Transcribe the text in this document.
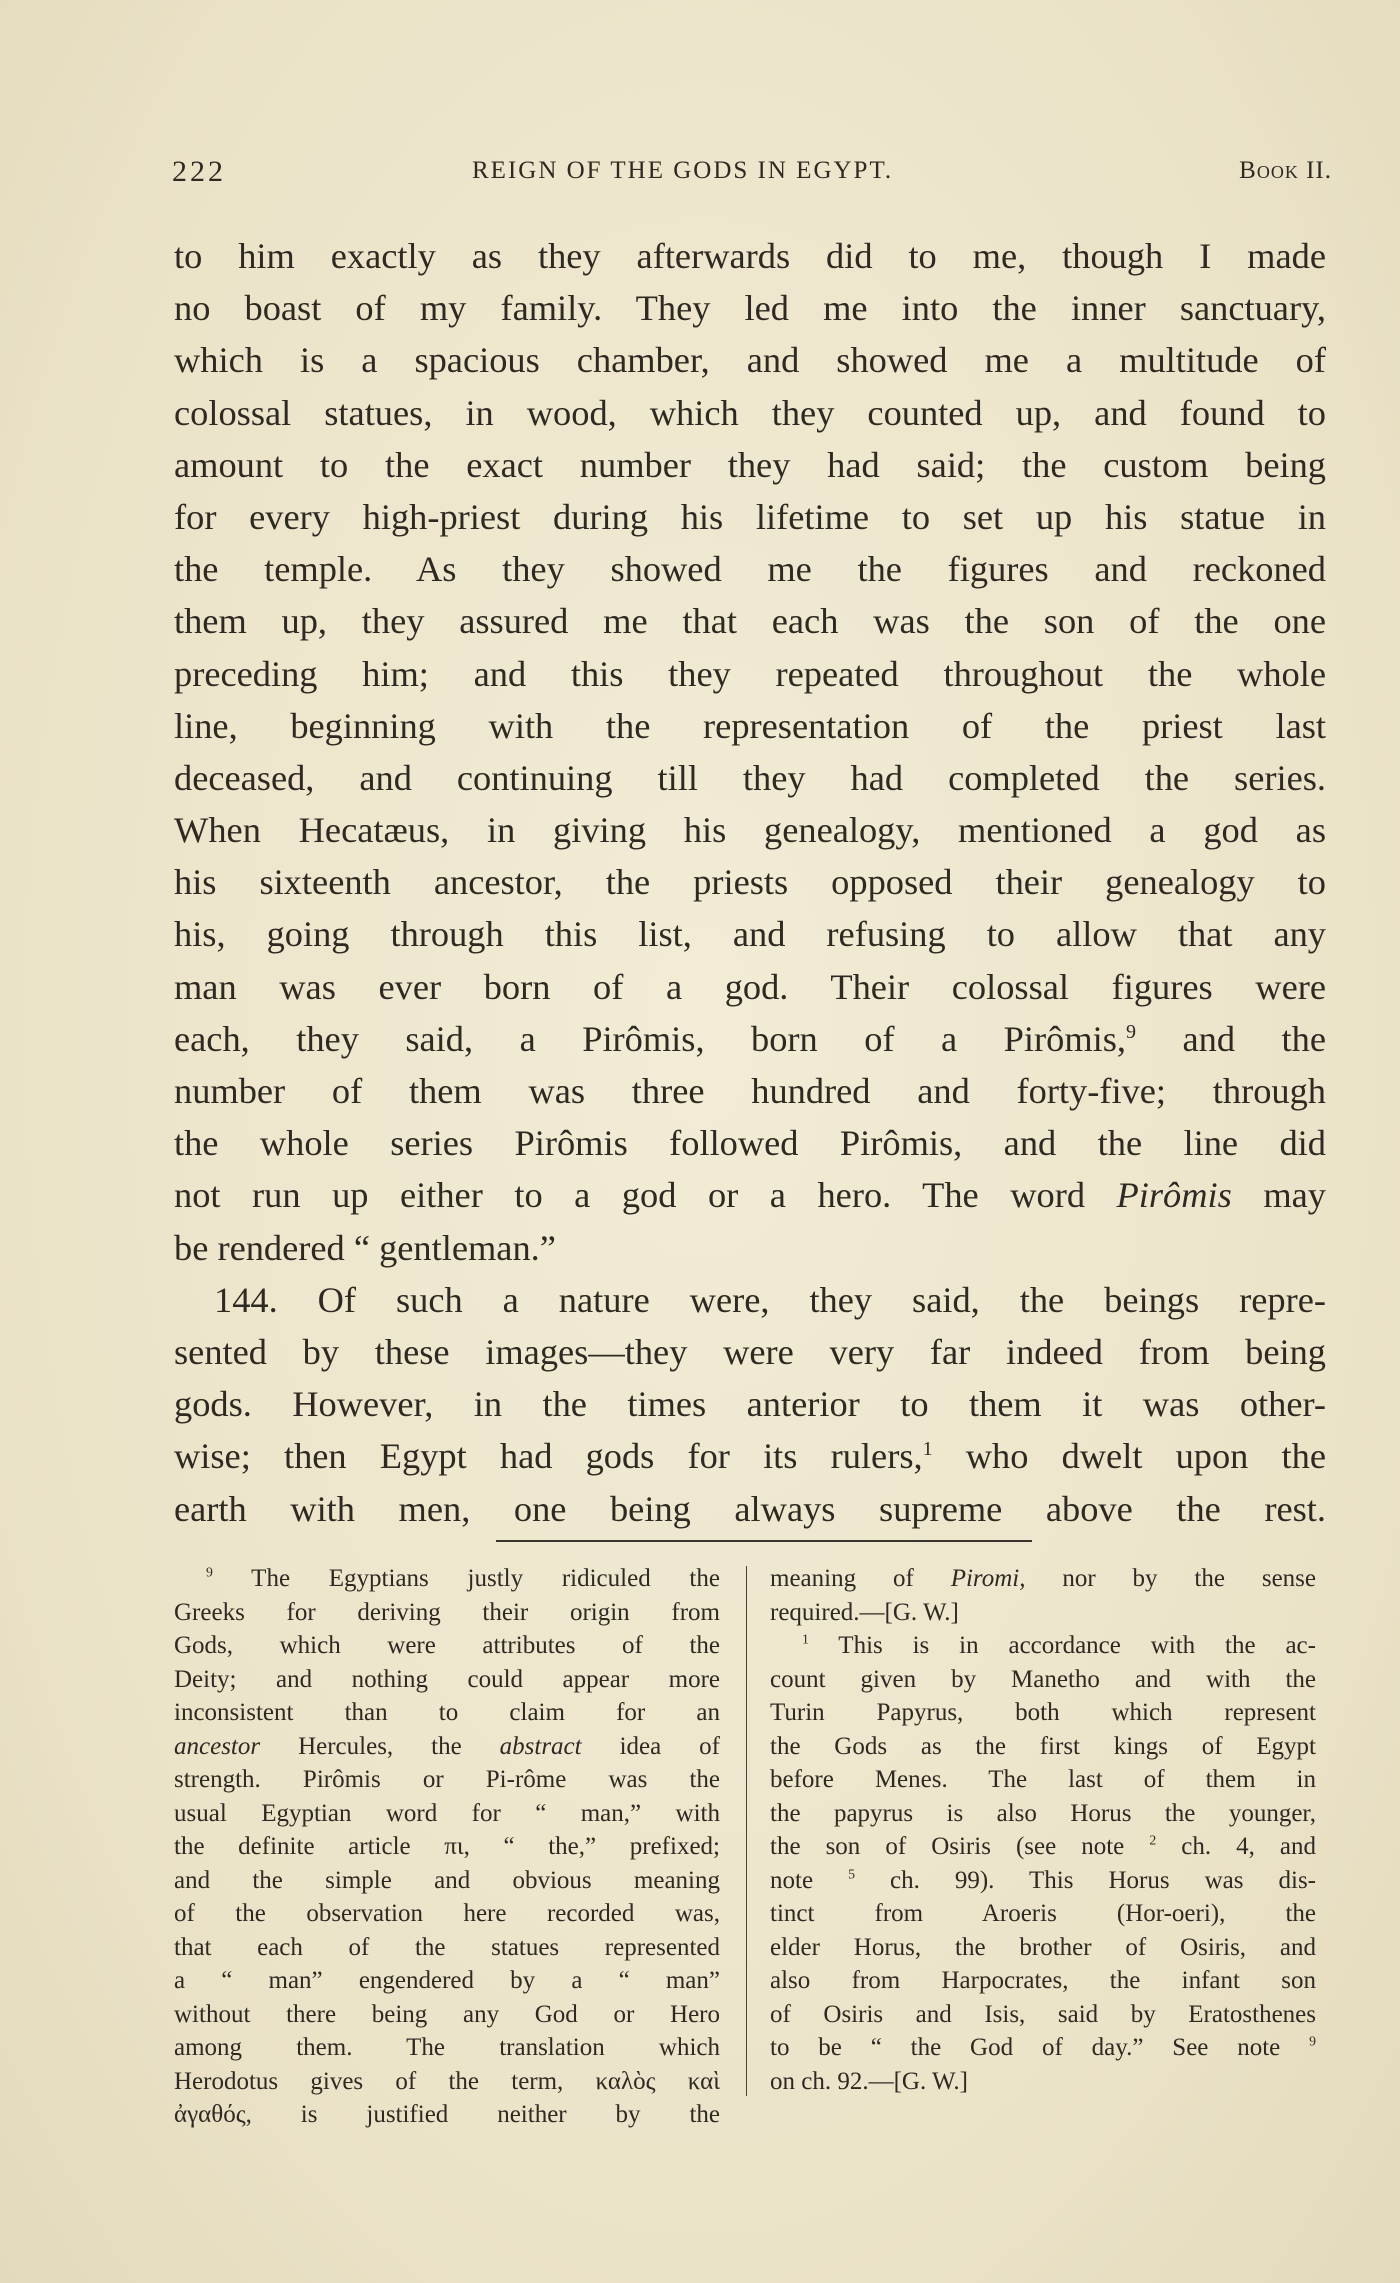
222	REIGN OF THE GODS IN EGYPT.	Book II.
to him exactly as they afterwards did to me, though I made
no boast of my family. They led me into the inner sanctuary,
which is a spacious chamber, and showed me a multitude of
colossal statues, in wood, which they counted up, and found to
amount to the exact number they had said; the custom being
for every high-priest during his lifetime to set up his statue in
the temple. As they showed me the figures and reckoned
them up, they assured me that each was the son of the one
preceding him; and this they repeated throughout the whole
line, beginning with the representation of the priest last
deceased, and continuing till they had completed the series.
When Hecatæus, in giving his genealogy, mentioned a god as
his sixteenth ancestor, the priests opposed their genealogy to
his, going through this list, and refusing to allow that any
man was ever born of a god. Their colossal figures were
each, they said, a Pirômis, born of a Pirômis,$^9$ and the
number of them was three hundred and forty-five; through
the whole series Pirômis followed Pirômis, and the line did
not run up either to a god or a hero. The word Pirômis may
be rendered “ gentleman.”
144. Of such a nature were, they said, the beings repre-
sented by these images—they were very far indeed from being
gods. However, in the times anterior to them it was other-
wise; then Egypt had gods for its rulers,$^1$ who dwelt upon the
earth with men, one being always supreme above the rest.
$^9$ The Egyptians justly ridiculed the
Greeks for deriving their origin from
Gods, which were attributes of the
Deity; and nothing could appear more
inconsistent than to claim for an
ancestor Hercules, the abstract idea of
strength. Pirômis or Pi-rôme was the
usual Egyptian word for “ man,” with
the definite article πι, “ the,” prefixed;
and the simple and obvious meaning
of the observation here recorded was,
that each of the statues represented
a “ man” engendered by a “ man”
without there being any God or Hero
among them. The translation which
Herodotus gives of the term, καλὸς καὶ
ἀγαθός, is justified neither by the
meaning of Piromi, nor by the sense
required.—[G. W.]
$^1$ This is in accordance with the ac-
count given by Manetho and with the
Turin Papyrus, both which represent
the Gods as the first kings of Egypt
before Menes. The last of them in
the papyrus is also Horus the younger,
the son of Osiris (see note $^2$ ch. 4, and
note	$^5$ ch. 99). This Horus was dis-
tinct from Aroeris (Hor-oeri), the
elder Horus, the brother of Osiris, and
also from Harpocrates, the infant son
of Osiris and Isis, said by Eratosthenes
to be “ the God of day.” See note $^9$
on ch. 92.—[G. W.]
